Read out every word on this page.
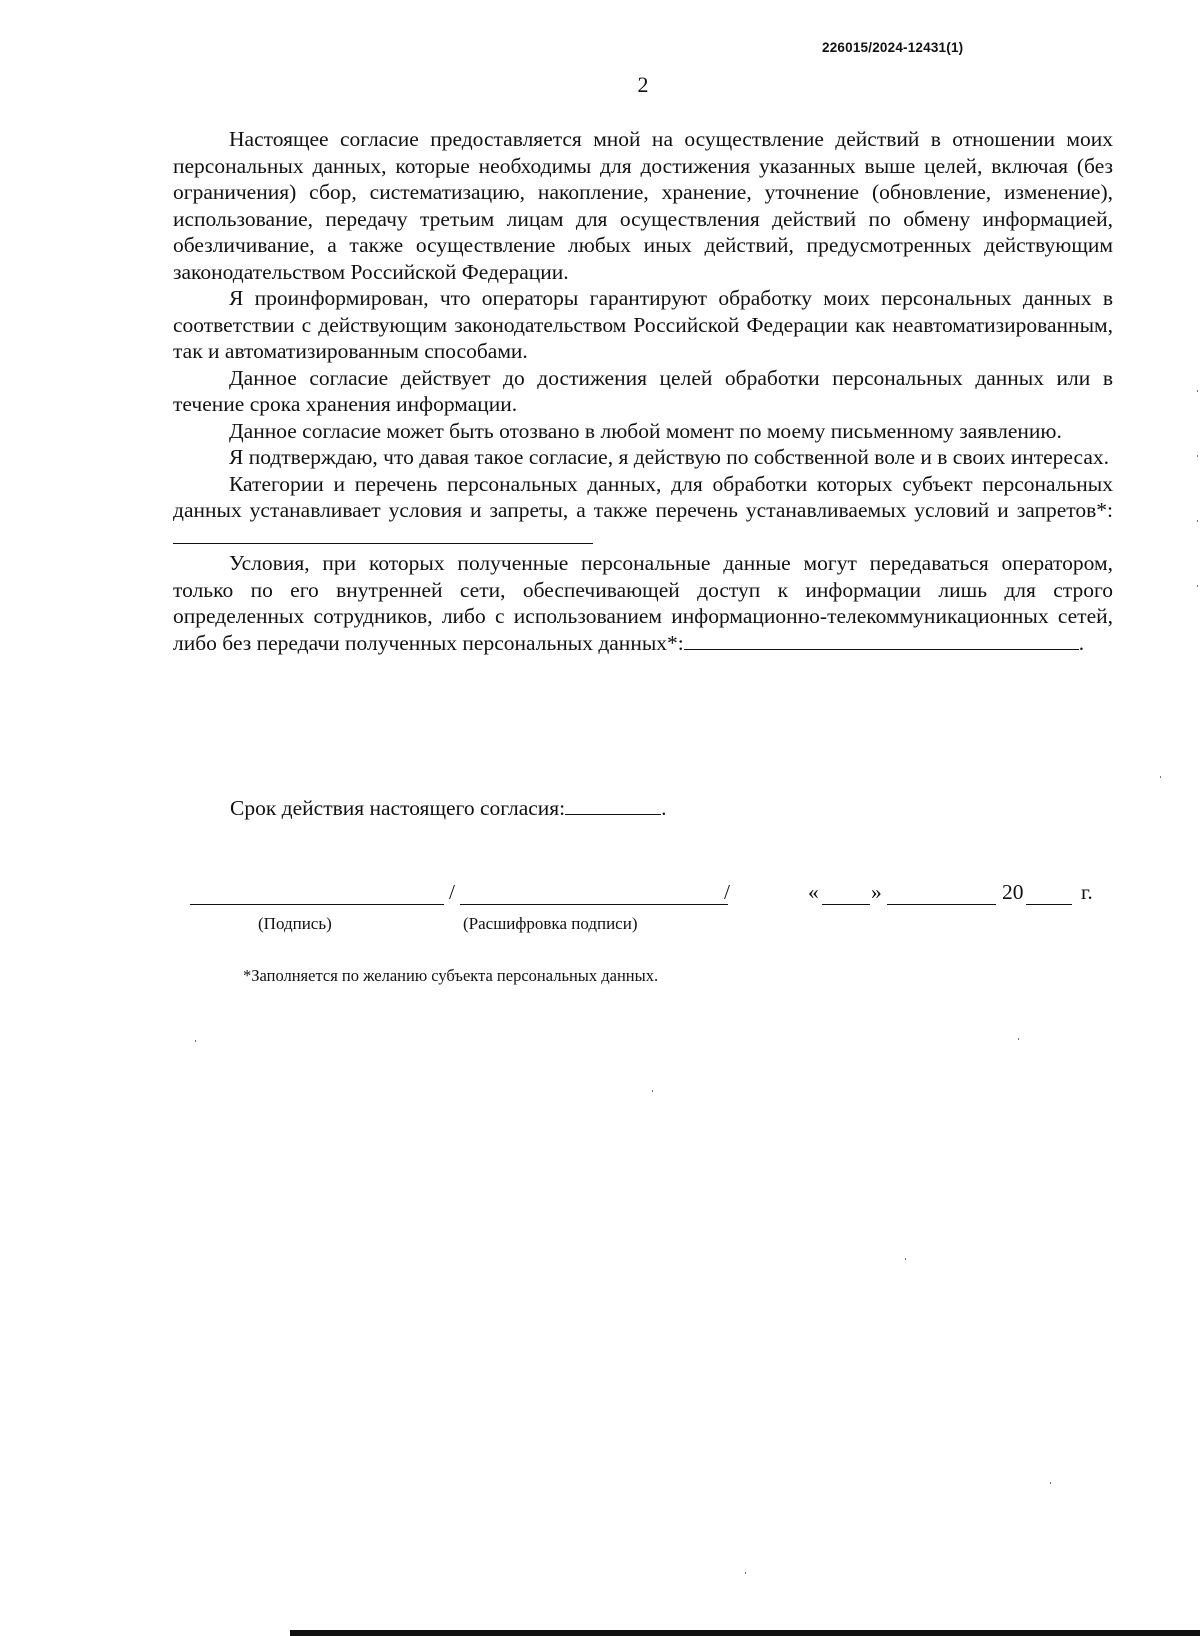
226015/2024-12431(1)
2

Настоящее согласие предоставляется мной на осуществление действий в отношении моих персональных данных, которые необходимы для достижения указанных выше целей, включая (без ограничения) сбор, систематизацию, накопление, хранение, уточнение (обновление, изменение), использование, передачу третьим лицам для осуществления действий по обмену информацией, обезличивание, а также осуществление любых иных действий, предусмотренных действующим законодательством Российской Федерации.

Я проинформирован, что операторы гарантируют обработку моих персональных данных в соответствии с действующим законодательством Российской Федерации как неавтоматизированным, так и автоматизированным способами.

Данное согласие действует до достижения целей обработки персональных данных или в течение срока хранения информации.

Данное согласие может быть отозвано в любой момент по моему письменному заявлению.

Я подтверждаю, что давая такое согласие, я действую по собственной воле и в своих интересах.

Категории и перечень персональных данных, для обработки которых субъект персональных данных устанавливает условия и запреты, а также перечень устанавливаемых условий и запретов*:

Условия, при которых полученные персональные данные могут передаваться оператором, только по его внутренней сети, обеспечивающей доступ к информации лишь для строго определенных сотрудников, либо с использованием информационно-телекоммуникационных сетей, либо без передачи полученных персональных данных*:	.

Срок действия настоящего согласия:	.
/	/	« »	20	г.
(Подпись)	(Расшифровка подписи)
*Заполняется по желанию субъекта персональных данных.
